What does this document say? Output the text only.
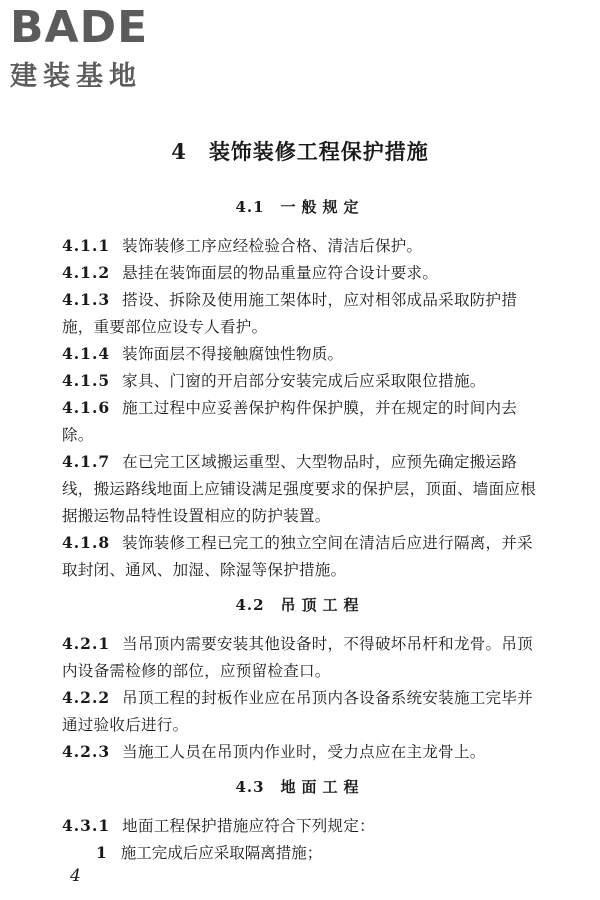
BADE
建装基地
4 装饰装修工程保护措施
4.1 一般规定
4.1.1 装饰装修工序应经检验合格、清洁后保护。
4.1.2 悬挂在装饰面层的物品重量应符合设计要求。
4.1.3 搭设、拆除及使用施工架体时，应对相邻成品采取防护措施，重要部位应设专人看护。
4.1.4 装饰面层不得接触腐蚀性物质。
4.1.5 家具、门窗的开启部分安装完成后应采取限位措施。
4.1.6 施工过程中应妥善保护构件保护膜，并在规定的时间内去除。
4.1.7 在已完工区域搬运重型、大型物品时，应预先确定搬运路线，搬运路线地面上应铺设满足强度要求的保护层，顶面、墙面应根据搬运物品特性设置相应的防护装置。
4.1.8 装饰装修工程已完工的独立空间在清洁后应进行隔离，并采取封闭、通风、加湿、除湿等保护措施。
4.2 吊顶工程
4.2.1 当吊顶内需要安装其他设备时，不得破坏吊杆和龙骨。吊顶内设备需检修的部位，应预留检查口。
4.2.2 吊顶工程的封板作业应在吊顶内各设备系统安装施工完毕并通过验收后进行。
4.2.3 当施工人员在吊顶内作业时，受力点应在主龙骨上。
4.3 地面工程
4.3.1 地面工程保护措施应符合下列规定：
1 施工完成后应采取隔离措施；
4
